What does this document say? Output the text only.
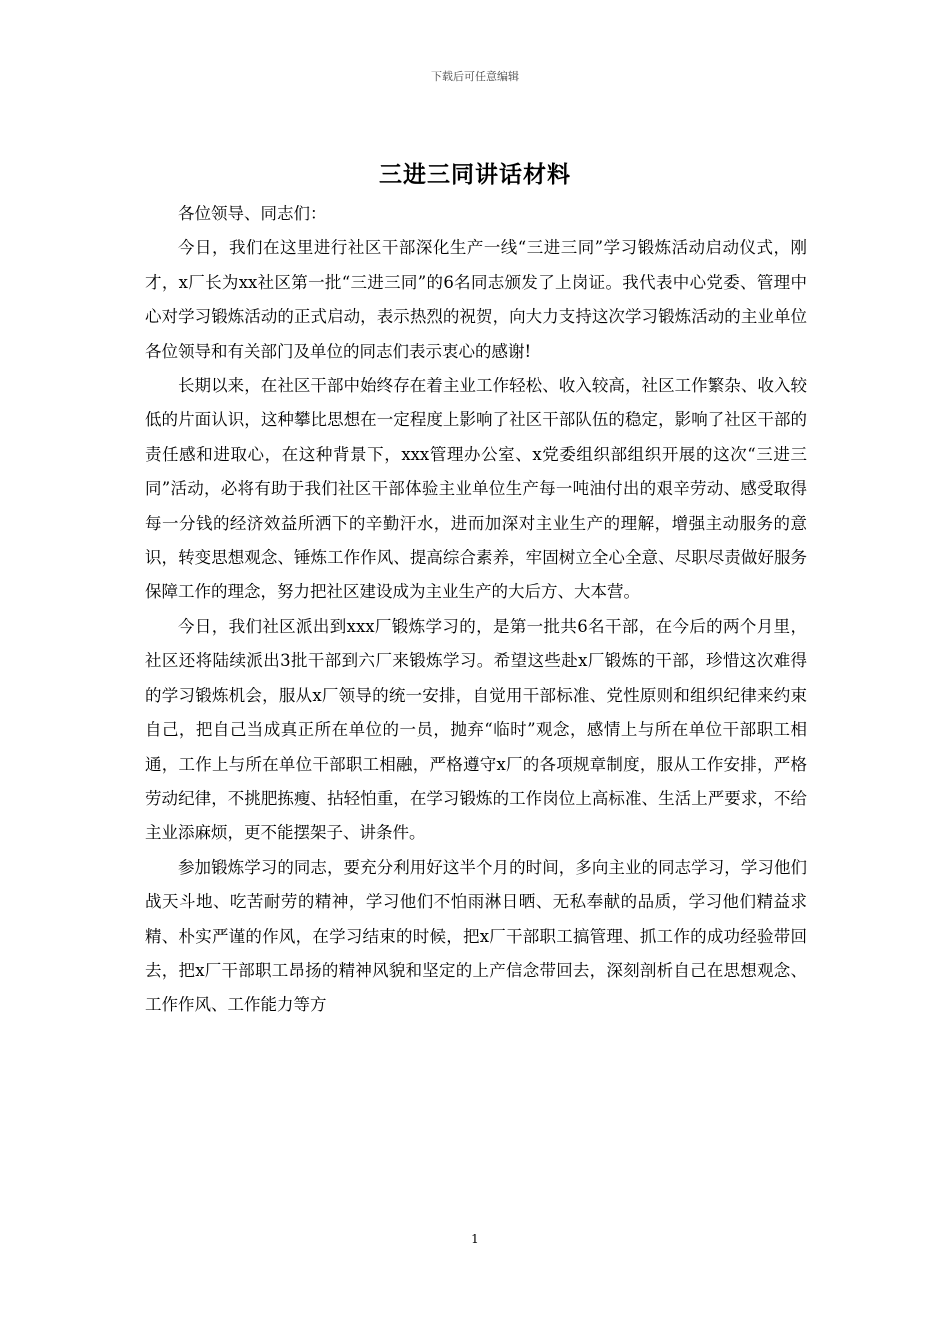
下载后可任意编辑
三进三同讲话材料

各位领导、同志们：

今日，我们在这里进行社区干部深化生产一线“三进三同”学习锻炼活动启动仪式，刚才，x厂长为xx社区第一批“三进三同”的6名同志颁发了上岗证。我代表中心党委、管理中心对学习锻炼活动的正式启动，表示热烈的祝贺，向大力支持这次学习锻炼活动的主业单位各位领导和有关部门及单位的同志们表示衷心的感谢!

长期以来，在社区干部中始终存在着主业工作轻松、收入较高，社区工作繁杂、收入较低的片面认识，这种攀比思想在一定程度上影响了社区干部队伍的稳定，影响了社区干部的责任感和进取心，在这种背景下，xxx管理办公室、x党委组织部组织开展的这次“三进三同”活动，必将有助于我们社区干部体验主业单位生产每一吨油付出的艰辛劳动、感受取得每一分钱的经济效益所洒下的辛勤汗水，进而加深对主业生产的理解，增强主动服务的意识，转变思想观念、锤炼工作作风、提高综合素养，牢固树立全心全意、尽职尽责做好服务保障工作的理念，努力把社区建设成为主业生产的大后方、大本营。

今日，我们社区派出到xxx厂锻炼学习的，是第一批共6名干部，在今后的两个月里，社区还将陆续派出3批干部到六厂来锻炼学习。希望这些赴x厂锻炼的干部，珍惜这次难得的学习锻炼机会，服从x厂领导的统一安排，自觉用干部标准、党性原则和组织纪律来约束自己，把自己当成真正所在单位的一员，抛弃“临时”观念，感情上与所在单位干部职工相通，工作上与所在单位干部职工相融，严格遵守x厂的各项规章制度，服从工作安排，严格劳动纪律，不挑肥拣瘦、拈轻怕重，在学习锻炼的工作岗位上高标准、生活上严要求，不给主业添麻烦，更不能摆架子、讲条件。

参加锻炼学习的同志，要充分利用好这半个月的时间，多向主业的同志学习，学习他们战天斗地、吃苦耐劳的精神，学习他们不怕雨淋日晒、无私奉献的品质，学习他们精益求精、朴实严谨的作风，在学习结束的时候，把x厂干部职工搞管理、抓工作的成功经验带回去，把x厂干部职工昂扬的精神风貌和坚定的上产信念带回去，深刻剖析自己在思想观念、工作作风、工作能力等方

1
